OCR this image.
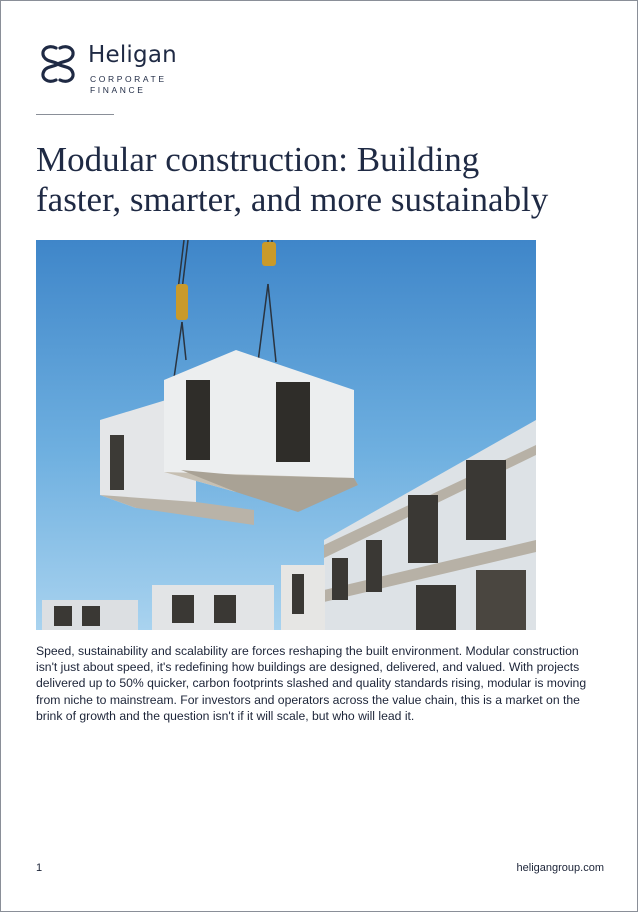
Heligan
CORPORATE
FINANCE
Modular construction: Building
faster, smarter, and more sustainably

Speed, sustainability and scalability are forces reshaping the built environment. Modular construction isn't just about speed, it's redefining how buildings are designed, delivered, and valued. With projects delivered up to 50% quicker, carbon footprints slashed and quality standards rising, modular is moving from niche to mainstream. For investors and operators across the value chain, this is a market on the brink of growth and the question isn't if it will scale, but who will lead it.

1	heligangroup.com
